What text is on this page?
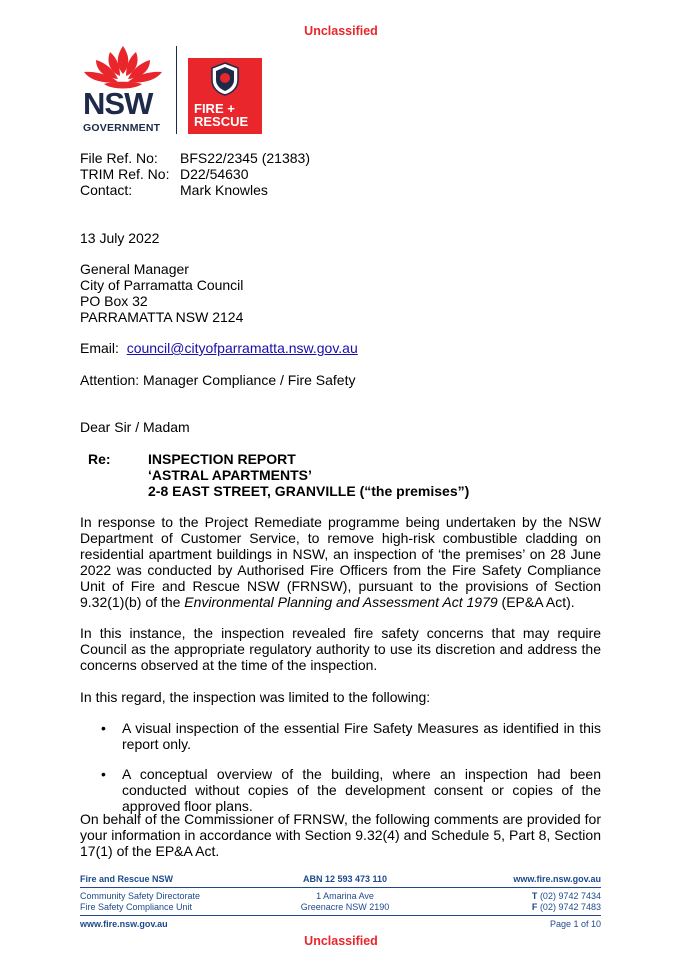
Unclassified
NSW
GOVERNMENT
FIRE +
RESCUE
File Ref. No: BFS22/2345 (21383)
TRIM Ref. No: D22/54630
Contact:	Mark Knowles
13 July 2022
General Manager
City of Parramatta Council
PO Box 32
PARRAMATTA NSW 2124
Email: council@cityofparramatta.nsw.gov.au
Attention: Manager Compliance / Fire Safety
Dear Sir / Madam
Re:	INSPECTION REPORT
‘ASTRAL APARTMENTS’
2-8 EAST STREET, GRANVILLE (“the premises”)
In response to the Project Remediate programme being undertaken by the NSW Department of Customer Service, to remove high-risk combustible cladding on residential apartment buildings in NSW, an inspection of ‘the premises’ on 28 June 2022 was conducted by Authorised Fire Officers from the Fire Safety Compliance Unit of Fire and Rescue NSW (FRNSW), pursuant to the provisions of Section 9.32(1)(b) of the Environmental Planning and Assessment Act 1979 (EP&A Act).
In this instance, the inspection revealed fire safety concerns that may require Council as the appropriate regulatory authority to use its discretion and address the concerns observed at the time of the inspection.
In this regard, the inspection was limited to the following:
• A visual inspection of the essential Fire Safety Measures as identified in this report only.
• A conceptual overview of the building, where an inspection had been conducted without copies of the development consent or copies of the approved floor plans.
On behalf of the Commissioner of FRNSW, the following comments are provided for your information in accordance with Section 9.32(4) and Schedule 5, Part 8, Section 17(1) of the EP&A Act.
Fire and Rescue NSW	ABN 12 593 473 110	www.fire.nsw.gov.au
Community Safety Directorate
Fire Safety Compliance Unit
1 Amarina Ave
Greenacre NSW 2190
T (02) 9742 7434
F (02) 9742 7483
www.fire.nsw.gov.au	Page 1 of 10
Unclassified
